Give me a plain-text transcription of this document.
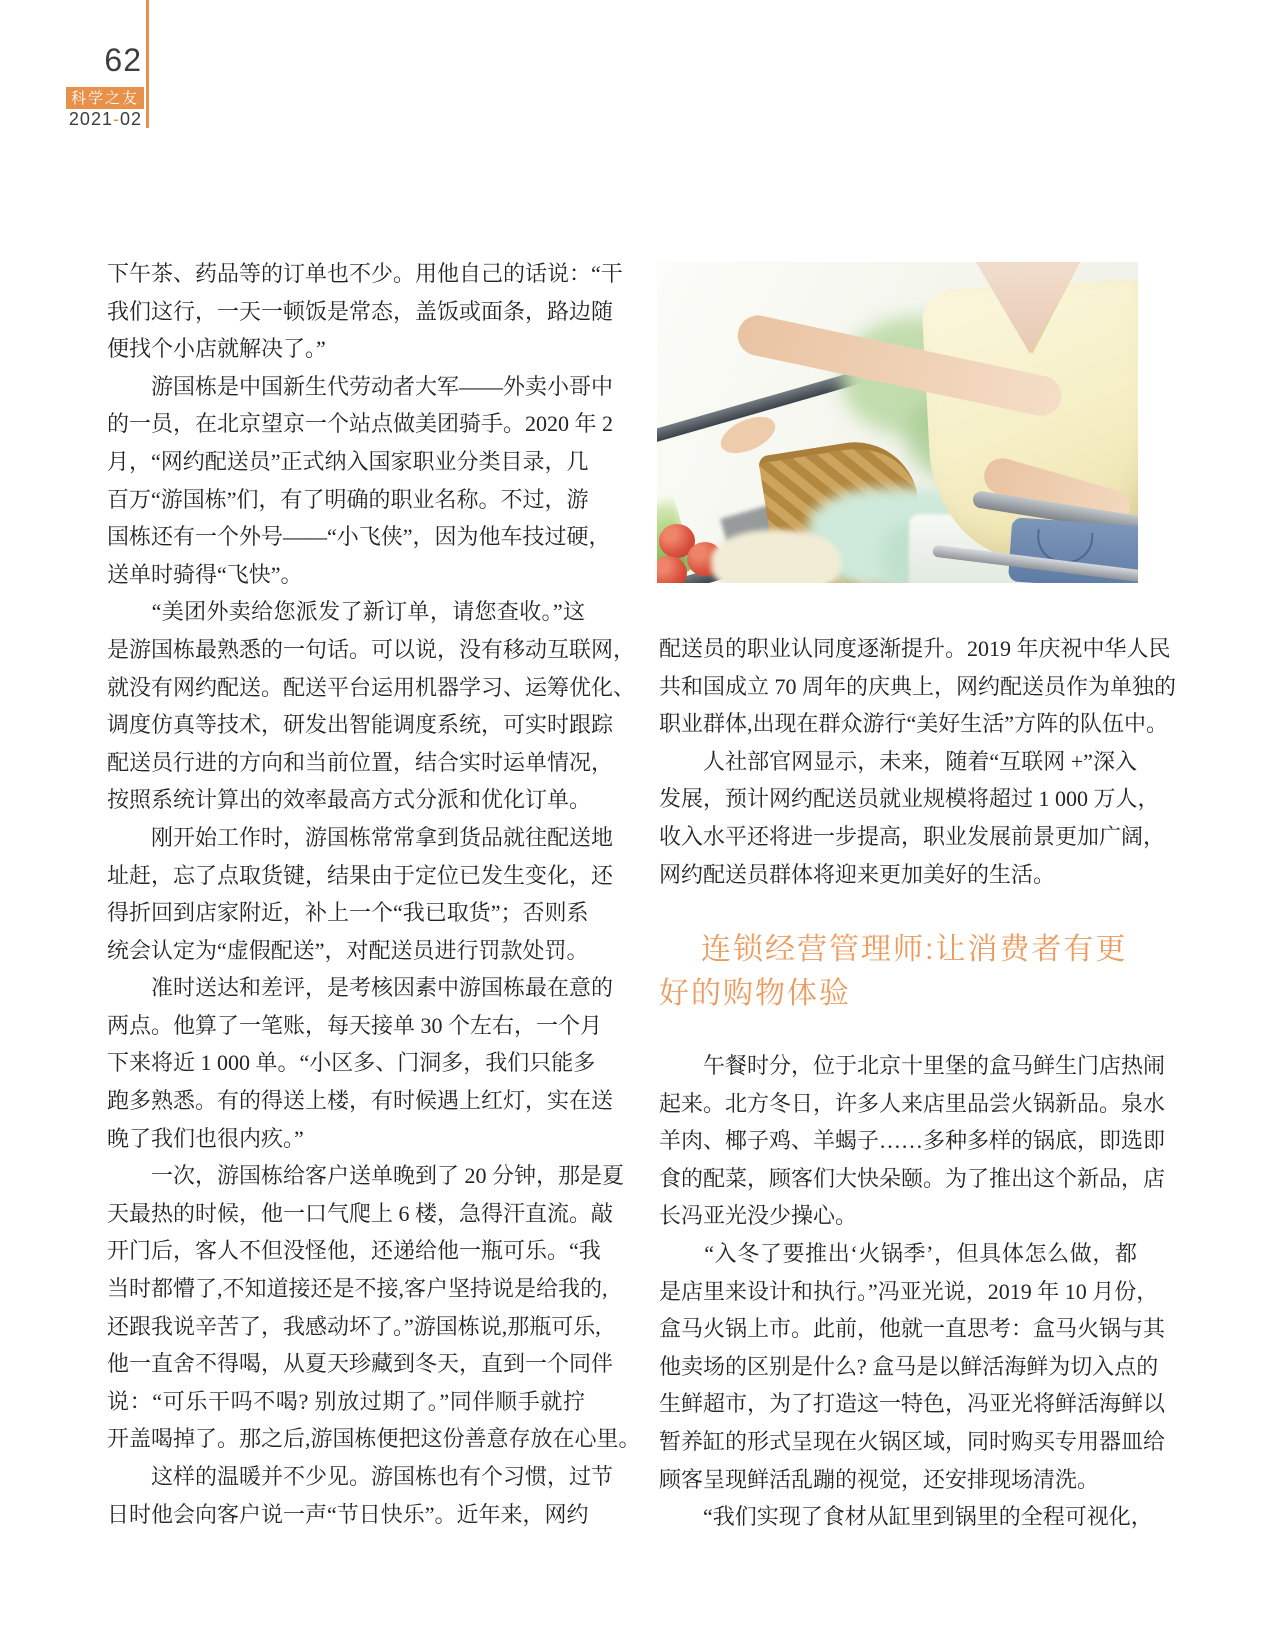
62
科学之友
2021-02
下午茶、药品等的订单也不少。用他自己的话说：“干
我们这行，一天一顿饭是常态，盖饭或面条，路边随
便找个小店就解决了。”
　　游国栋是中国新生代劳动者大军——外卖小哥中
的一员，在北京望京一个站点做美团骑手。2020 年 2
月，“网约配送员”正式纳入国家职业分类目录，几
百万“游国栋”们，有了明确的职业名称。不过，游
国栋还有一个外号——“小飞侠”，因为他车技过硬，
送单时骑得“飞快”。
　　“美团外卖给您派发了新订单，请您查收。”这
是游国栋最熟悉的一句话。可以说，没有移动互联网，
就没有网约配送。配送平台运用机器学习、运筹优化、
调度仿真等技术，研发出智能调度系统，可实时跟踪
配送员行进的方向和当前位置，结合实时运单情况，
按照系统计算出的效率最高方式分派和优化订单。
　　刚开始工作时，游国栋常常拿到货品就往配送地
址赶，忘了点取货键，结果由于定位已发生变化，还
得折回到店家附近，补上一个“我已取货”；否则系
统会认定为“虚假配送”，对配送员进行罚款处罚。
　　准时送达和差评，是考核因素中游国栋最在意的
两点。他算了一笔账，每天接单 30 个左右，一个月
下来将近 1 000 单。“小区多、门洞多，我们只能多
跑多熟悉。有的得送上楼，有时候遇上红灯，实在送
晚了我们也很内疚。”
　　一次，游国栋给客户送单晚到了 20 分钟，那是夏
天最热的时候，他一口气爬上 6 楼，急得汗直流。敲
开门后，客人不但没怪他，还递给他一瓶可乐。“我
当时都懵了,不知道接还是不接,客户坚持说是给我的,
还跟我说辛苦了，我感动坏了。”游国栋说,那瓶可乐,
他一直舍不得喝，从夏天珍藏到冬天，直到一个同伴
说：“可乐干吗不喝? 别放过期了。”同伴顺手就拧
开盖喝掉了。那之后,游国栋便把这份善意存放在心里。
　　这样的温暖并不少见。游国栋也有个习惯，过节
日时他会向客户说一声“节日快乐”。近年来，网约
配送员的职业认同度逐渐提升。2019 年庆祝中华人民
共和国成立 70 周年的庆典上，网约配送员作为单独的
职业群体,出现在群众游行“美好生活”方阵的队伍中。
　　人社部官网显示，未来，随着“互联网 +”深入
发展，预计网约配送员就业规模将超过 1 000 万人，
收入水平还将进一步提高，职业发展前景更加广阔，
网约配送员群体将迎来更加美好的生活。
连锁经营管理师:让消费者有更
好的购物体验
　　午餐时分，位于北京十里堡的盒马鲜生门店热闹
起来。北方冬日，许多人来店里品尝火锅新品。泉水
羊肉、椰子鸡、羊蝎子……多种多样的锅底，即选即
食的配菜，顾客们大快朵颐。为了推出这个新品，店
长冯亚光没少操心。
　　“入冬了要推出‘火锅季’，但具体怎么做，都
是店里来设计和执行。”冯亚光说，2019 年 10 月份，
盒马火锅上市。此前，他就一直思考：盒马火锅与其
他卖场的区别是什么? 盒马是以鲜活海鲜为切入点的
生鲜超市，为了打造这一特色，冯亚光将鲜活海鲜以
暂养缸的形式呈现在火锅区域，同时购买专用器皿给
顾客呈现鲜活乱蹦的视觉，还安排现场清洗。
　　“我们实现了食材从缸里到锅里的全程可视化，
